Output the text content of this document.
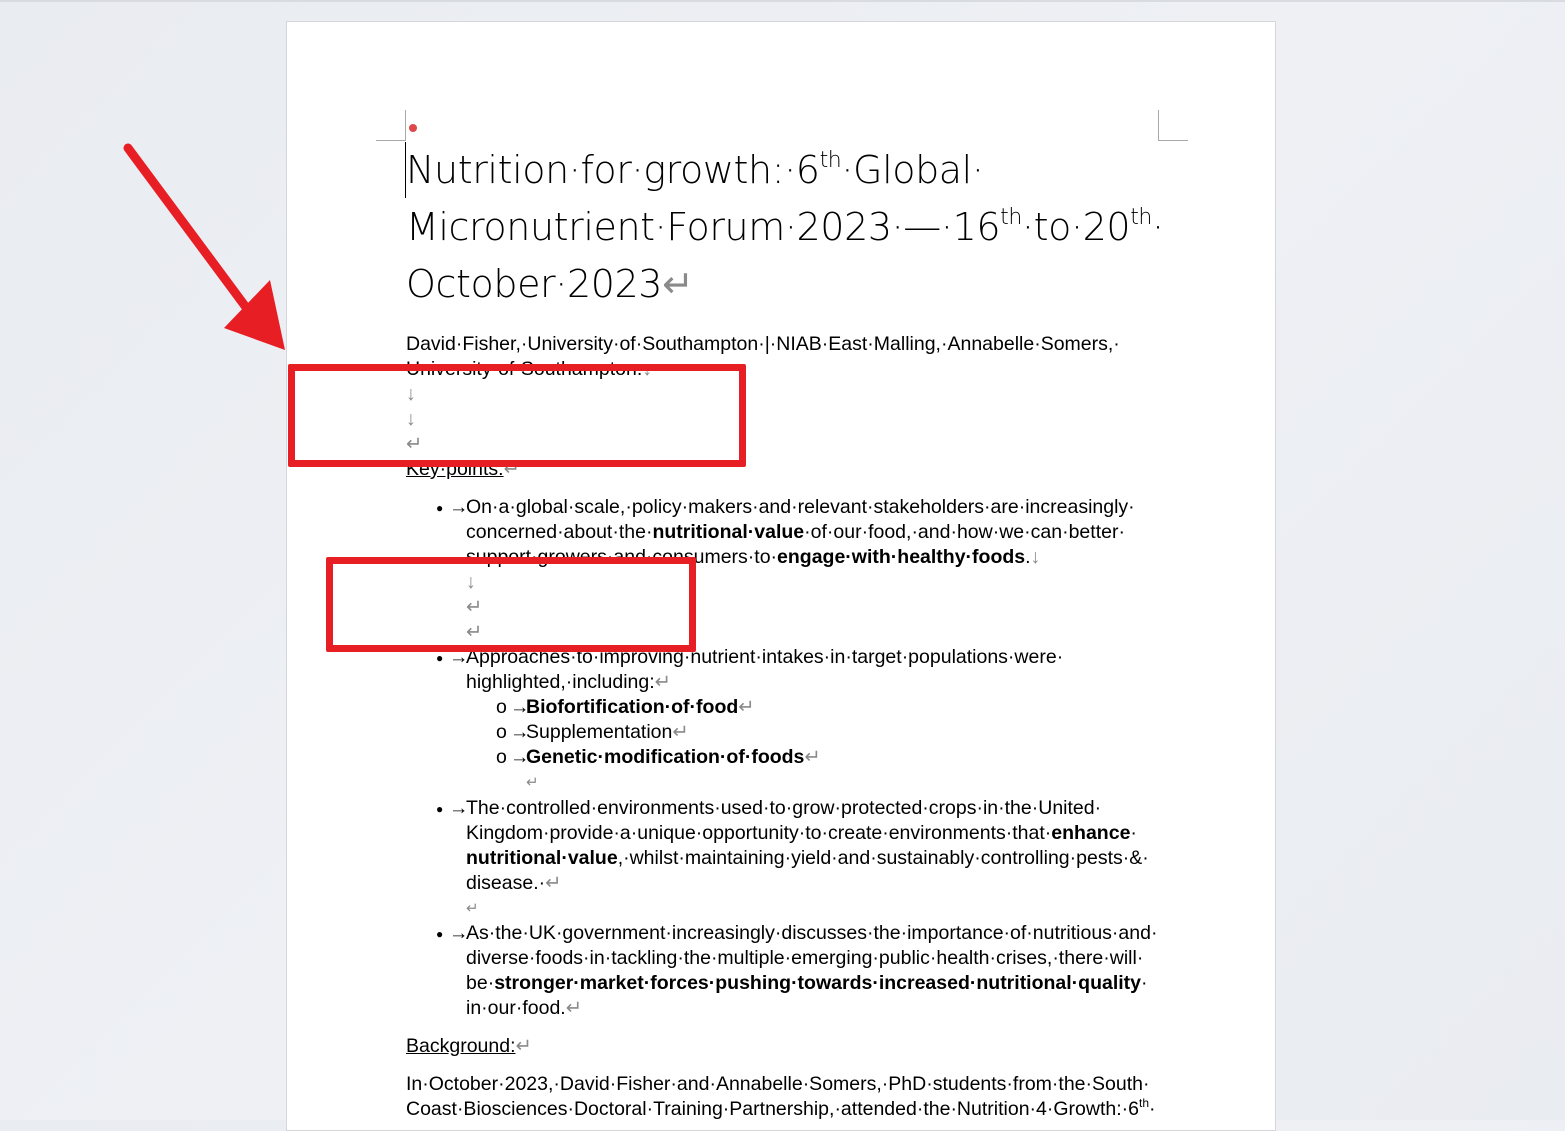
Nutrition·for·growth:·6th·Global·
Micronutrient·Forum·2023·—·16th·to·20th·
October·2023↵
David·Fisher,·University·of·Southampton·|·NIAB·East·Malling,·Annabelle·Somers,·
University·of·Southampton.↓
↓
↓
↵
Key·points:↵
● →
On·a·global·scale,·policy·makers·and·relevant·stakeholders·are·increasingly·
concerned·about·the·nutritional·value·of·our·food,·and·how·we·can·better·
support·growers·and·consumers·to·engage·with·healthy·foods.↓
↓
↵
↵
● →
Approaches·to·improving·nutrient·intakes·in·target·populations·were·
highlighted,·including:↵
o →
Biofortification·of·food↵
o →
Supplementation↵
o →
Genetic·modification·of·foods↵
↵
● →
The·controlled·environments·used·to·grow·protected·crops·in·the·United·
Kingdom·provide·a·unique·opportunity·to·create·environments·that·enhance·
nutritional·value,·whilst·maintaining·yield·and·sustainably·controlling·pests·&·
disease.·↵
↵
● →
As·the·UK·government·increasingly·discusses·the·importance·of·nutritious·and·
diverse·foods·in·tackling·the·multiple·emerging·public·health·crises,·there·will·
be·stronger·market·forces·pushing·towards·increased·nutritional·quality·
in·our·food.↵
Background:↵
In·October·2023,·David·Fisher·and·Annabelle·Somers,·PhD·students·from·the·South·
Coast·Biosciences·Doctoral·Training·Partnership,·attended·the·Nutrition·4·Growth:·6th·
